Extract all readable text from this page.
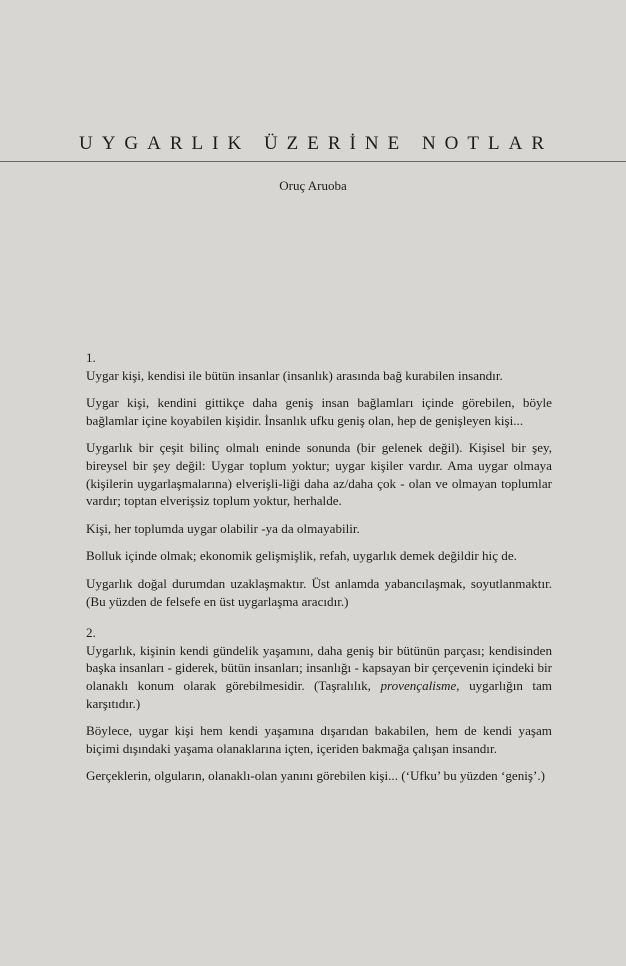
UYGARLIK ÜZERİNE NOTLAR
Oruç Aruoba

1.

Uygar kişi, kendisi ile bütün insanlar (insanlık) arasında bağ kurabilen insandır.

Uygar kişi, kendini gittikçe daha geniş insan bağlamları içinde görebilen, böyle bağlamlar içine koyabilen kişidir. İnsanlık ufku geniş olan, hep de genişleyen kişi...

Uygarlık bir çeşit bilinç olmalı eninde sonunda (bir gelenek değil). Kişisel bir şey, bireysel bir şey değil: Uygar toplum yoktur; uygar kişiler vardır. Ama uygar olmaya (kişilerin uygarlaşmalarına) elverişli-liği daha az/daha çok - olan ve olmayan toplumlar vardır; toptan elverişsiz toplum yoktur, herhalde.

Kişi, her toplumda uygar olabilir -ya da olmayabilir.

Bolluk içinde olmak; ekonomik gelişmişlik, refah, uygarlık demek değildir hiç de.

Uygarlık doğal durumdan uzaklaşmaktır. Üst anlamda yabancılaşmak, soyutlanmaktır. (Bu yüzden de felsefe en üst uygarlaşma aracıdır.)

2.

Uygarlık, kişinin kendi gündelik yaşamını, daha geniş bir bütünün parçası; kendisinden başka insanları - giderek, bütün insanları; insanlığı - kapsayan bir çerçevenin içindeki bir olanaklı konum olarak görebilmesidir. (Taşralılık, provençalisme, uygarlığın tam karşıtıdır.)

Böylece, uygar kişi hem kendi yaşamına dışarıdan bakabilen, hem de kendi yaşam biçimi dışındaki yaşama olanaklarına içten, içeriden bakmağa çalışan insandır.

Gerçeklerin, olguların, olanaklı-olan yanını görebilen kişi... (‘Ufku’ bu yüzden ‘geniş’.)
